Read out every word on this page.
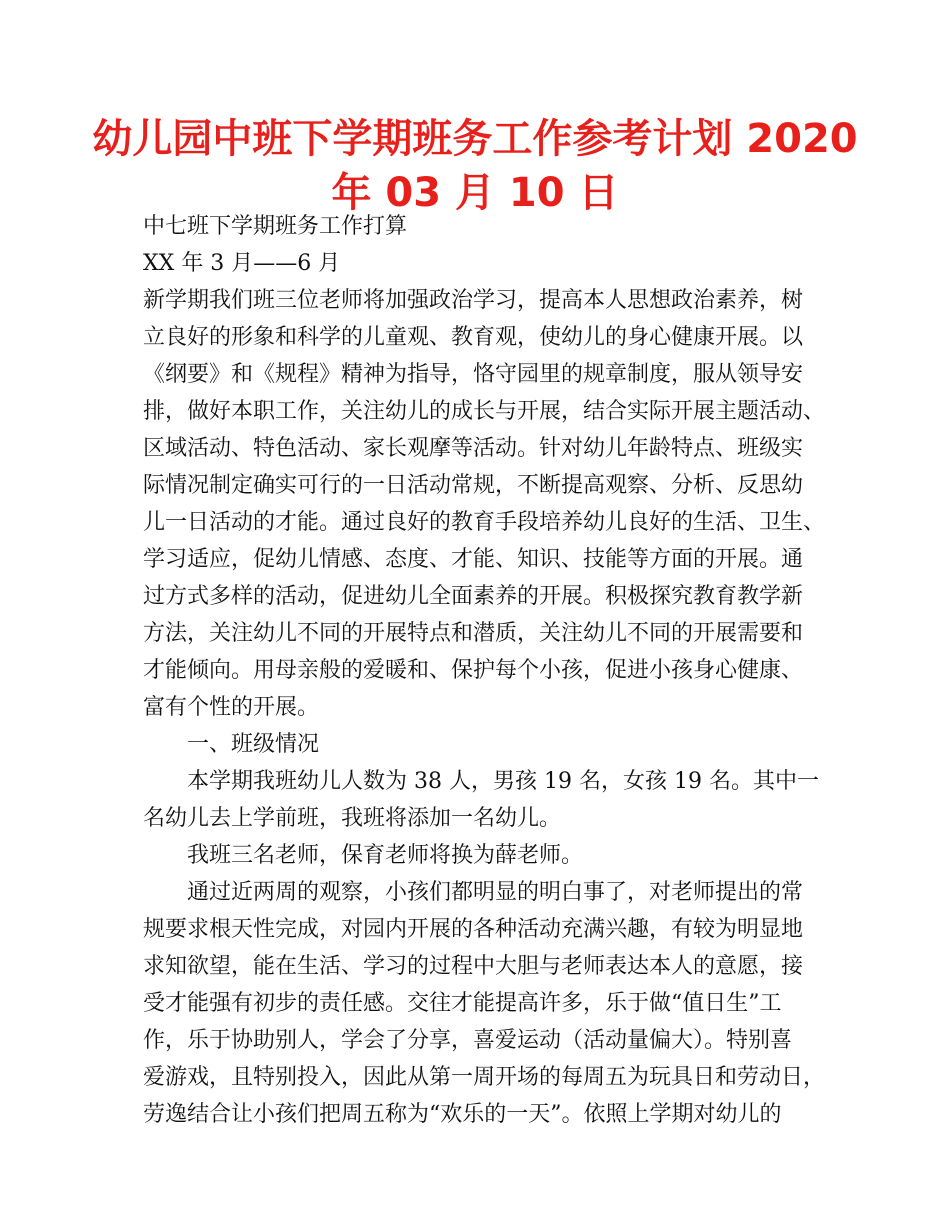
幼儿园中班下学期班务工作参考计划 2020
年 03 月 10 日
中七班下学期班务工作打算
XX 年 3 月——6 月
新学期我们班三位老师将加强政治学习，提高本人思想政治素养，树
立良好的形象和科学的儿童观、教育观，使幼儿的身心健康开展。以
《纲要》和《规程》精神为指导，恪守园里的规章制度，服从领导安
排，做好本职工作，关注幼儿的成长与开展，结合实际开展主题活动、
区域活动、特色活动、家长观摩等活动。针对幼儿年龄特点、班级实
际情况制定确实可行的一日活动常规，不断提高观察、分析、反思幼
儿一日活动的才能。通过良好的教育手段培养幼儿良好的生活、卫生、
学习适应，促幼儿情感、态度、才能、知识、技能等方面的开展。通
过方式多样的活动，促进幼儿全面素养的开展。积极探究教育教学新
方法，关注幼儿不同的开展特点和潜质，关注幼儿不同的开展需要和
才能倾向。用母亲般的爱暖和、保护每个小孩，促进小孩身心健康、
富有个性的开展。
一、班级情况
本学期我班幼儿人数为 38 人，男孩 19 名，女孩 19 名。其中一
名幼儿去上学前班，我班将添加一名幼儿。
我班三名老师，保育老师将换为薛老师。
通过近两周的观察，小孩们都明显的明白事了，对老师提出的常
规要求根天性完成，对园内开展的各种活动充满兴趣，有较为明显地
求知欲望，能在生活、学习的过程中大胆与老师表达本人的意愿，接
受才能强有初步的责任感。交往才能提高许多，乐于做“值日生”工
作，乐于协助别人，学会了分享，喜爱运动（活动量偏大）。特别喜
爱游戏，且特别投入，因此从第一周开场的每周五为玩具日和劳动日，
劳逸结合让小孩们把周五称为“欢乐的一天”。依照上学期对幼儿的
